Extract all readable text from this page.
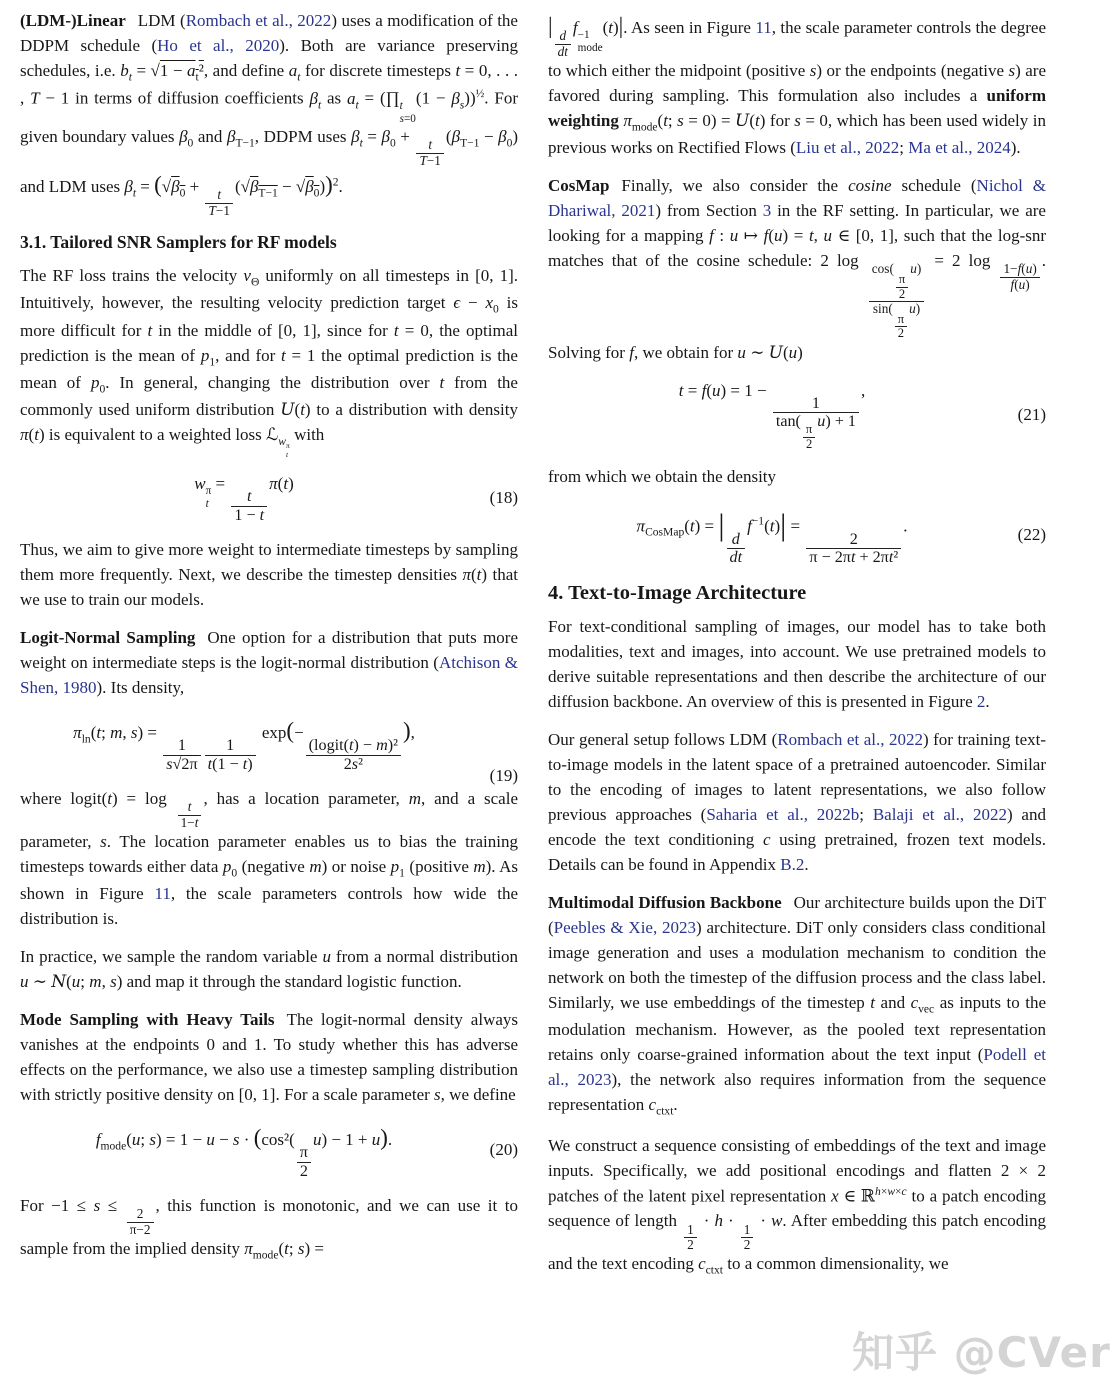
(LDM-)Linear LDM (Rombach et al., 2022) uses a modification of the DDPM schedule (Ho et al., 2020). Both are variance preserving schedules, i.e. $b_t = √1 - a_t^2$, and define $a_t$ for discrete timesteps t = 0, . . . , T − 1 in terms of diffusion coefficients $\beta_t$ as $a_t$ = (∏ t
s=0
$(1 - \beta_s))^{\frac{1}{2}}$. For given boundary values $\beta_0$ and $\beta_{T-1}$, DDPM uses $\beta_t = \beta_0$ +
$\frac{t}{T-1}$
$(\beta_{T-1} - \beta_0)$ and LDM uses $\beta_t = (√\beta_0$ +
$\frac{t}{T-1}$
$(√\beta_{T-1} - √\beta_0))^2$.

3.1. Tailored SNR Samplers for RF models

The RF loss trains the velocity $v_\Theta$ uniformly on all timesteps in [0, 1]. Intuitively, however, the resulting velocity prediction target $\epsilon - x_0$ is more difficult for t in the middle of [0, 1], since for t = 0, the optimal prediction is the mean of $p_1$, and for t = 1 the optimal prediction is the mean of $p_0$. In general, changing the distribution over t from the commonly used uniform distribution U(t) to a distribution with density π(t) is equivalent to a weighted loss ℒ$_{w \pi t}$
with

w π
t
=
$\frac{t}{1 - t}$
π(t)
(18)

Thus, we aim to give more weight to intermediate timesteps by sampling them more frequently. Next, we describe the timestep densities π(t) that we use to train our models.

Logit-Normal Sampling One option for a distribution that puts more weight on intermediate steps is the logit-normal distribution (Atchison & Shen, 1980). Its density,

$\pi_{ln}(t$; m, s) =
$\frac{1}{s√2\pi} \frac{1}{t(1 - t)}$
exp(−
$\frac{\text{(logit(t) − m)²}}{\text{2s²}}$
),
(19)

where logit(t) = log
$\frac{t}{1-t}$
, has a location parameter, m, and a scale parameter, s. The location parameter enables us to bias the training timesteps towards either data $p_0$ (negative m) or noise $p_1$ (positive m). As shown in Figure 11, the scale parameters controls how wide the distribution is.

In practice, we sample the random variable u from a normal distribution u ∼ N(u; m, s) and map it through the standard logistic function.

Mode Sampling with Heavy Tails The logit-normal density always vanishes at the endpoints 0 and 1. To study whether this has adverse effects on the performance, we also use a timestep sampling distribution with strictly positive density on [0, 1]. For a scale parameter s, we define

$f_{mode}(u$; s) = 1 − u − s · (cos²(
$\frac{\pi}{2}$
u) − 1 + u).
(20)

For −1 ≤ s ≤
$\frac{2}{\pi-2}$
, this function is monotonic, and we can use it to sample from the implied density $\pi_{mode}(t$; s) =

|
$\frac{d}{dt}$
f −1
mode
(t)|. As seen in Figure 11, the scale parameter controls the degree to which either the midpoint (positive s) or the endpoints (negative s) are favored during sampling. This formulation also includes a uniform weighting $\pi_{mode}(t$; s = 0) = U(t) for s = 0, which has been used widely in previous works on Rectified Flows (Liu et al., 2022; Ma et al., 2024).

CosMap Finally, we also consider the cosine schedule (Nichol & Dhariwal, 2021) from Section 3 in the RF setting. In particular, we are looking for a mapping f : u ↦ f(u) = t, u ∈ [0, 1], such that the log-snr matches that of the cosine schedule: 2 log
cos(
$\frac{\pi}{2}$
u)
sin(
$\frac{\pi}{2}$
u)
= 2 log
$\frac{1-f(u)}{f(u)}$
. Solving for f, we obtain for u ∼ U(u)

t = f(u) = 1 −
1
tan(
$\frac{\pi}{2}$
u) + 1
,
(21)

from which we obtain the density

$\pi_{CosMap}(t)$ = |
$\frac{d}{dt}$
$f^{-1}(t)|$ =
$\frac{2}{\text{π − 2πt + 2πt²}}$
.	(22)
4. Text-to-Image Architecture

For text-conditional sampling of images, our model has to take both modalities, text and images, into account. We use pretrained models to derive suitable representations and then describe the architecture of our diffusion backbone. An overview of this is presented in Figure 2.

Our general setup follows LDM (Rombach et al., 2022) for training text-to-image models in the latent space of a pretrained autoencoder. Similar to the encoding of images to latent representations, we also follow previous approaches (Saharia et al., 2022b; Balaji et al., 2022) and encode the text conditioning c using pretrained, frozen text models. Details can be found in Appendix B.2.

Multimodal Diffusion Backbone Our architecture builds upon the DiT (Peebles & Xie, 2023) architecture. DiT only considers class conditional image generation and uses a modulation mechanism to condition the network on both the timestep of the diffusion process and the class label. Similarly, we use embeddings of the timestep t and $c_{vec}$ as inputs to the modulation mechanism. However, as the pooled text representation retains only coarse-grained information about the text input (Podell et al., 2023), the network also requires information from the sequence representation $c_{ctxt}$.

We construct a sequence consisting of embeddings of the text and image inputs. Specifically, we add positional encodings and flatten 2 × 2 patches of the latent pixel representation x ∈ ℝ$^{h\times w\times c}$ to a patch encoding sequence of length
$\frac{1}{2}$
· h ·
$\frac{1}{2}$
· w. After embedding this patch encoding and the text encoding $c_{ctxt}$ to a common dimensionality, we

知乎 @CVer
